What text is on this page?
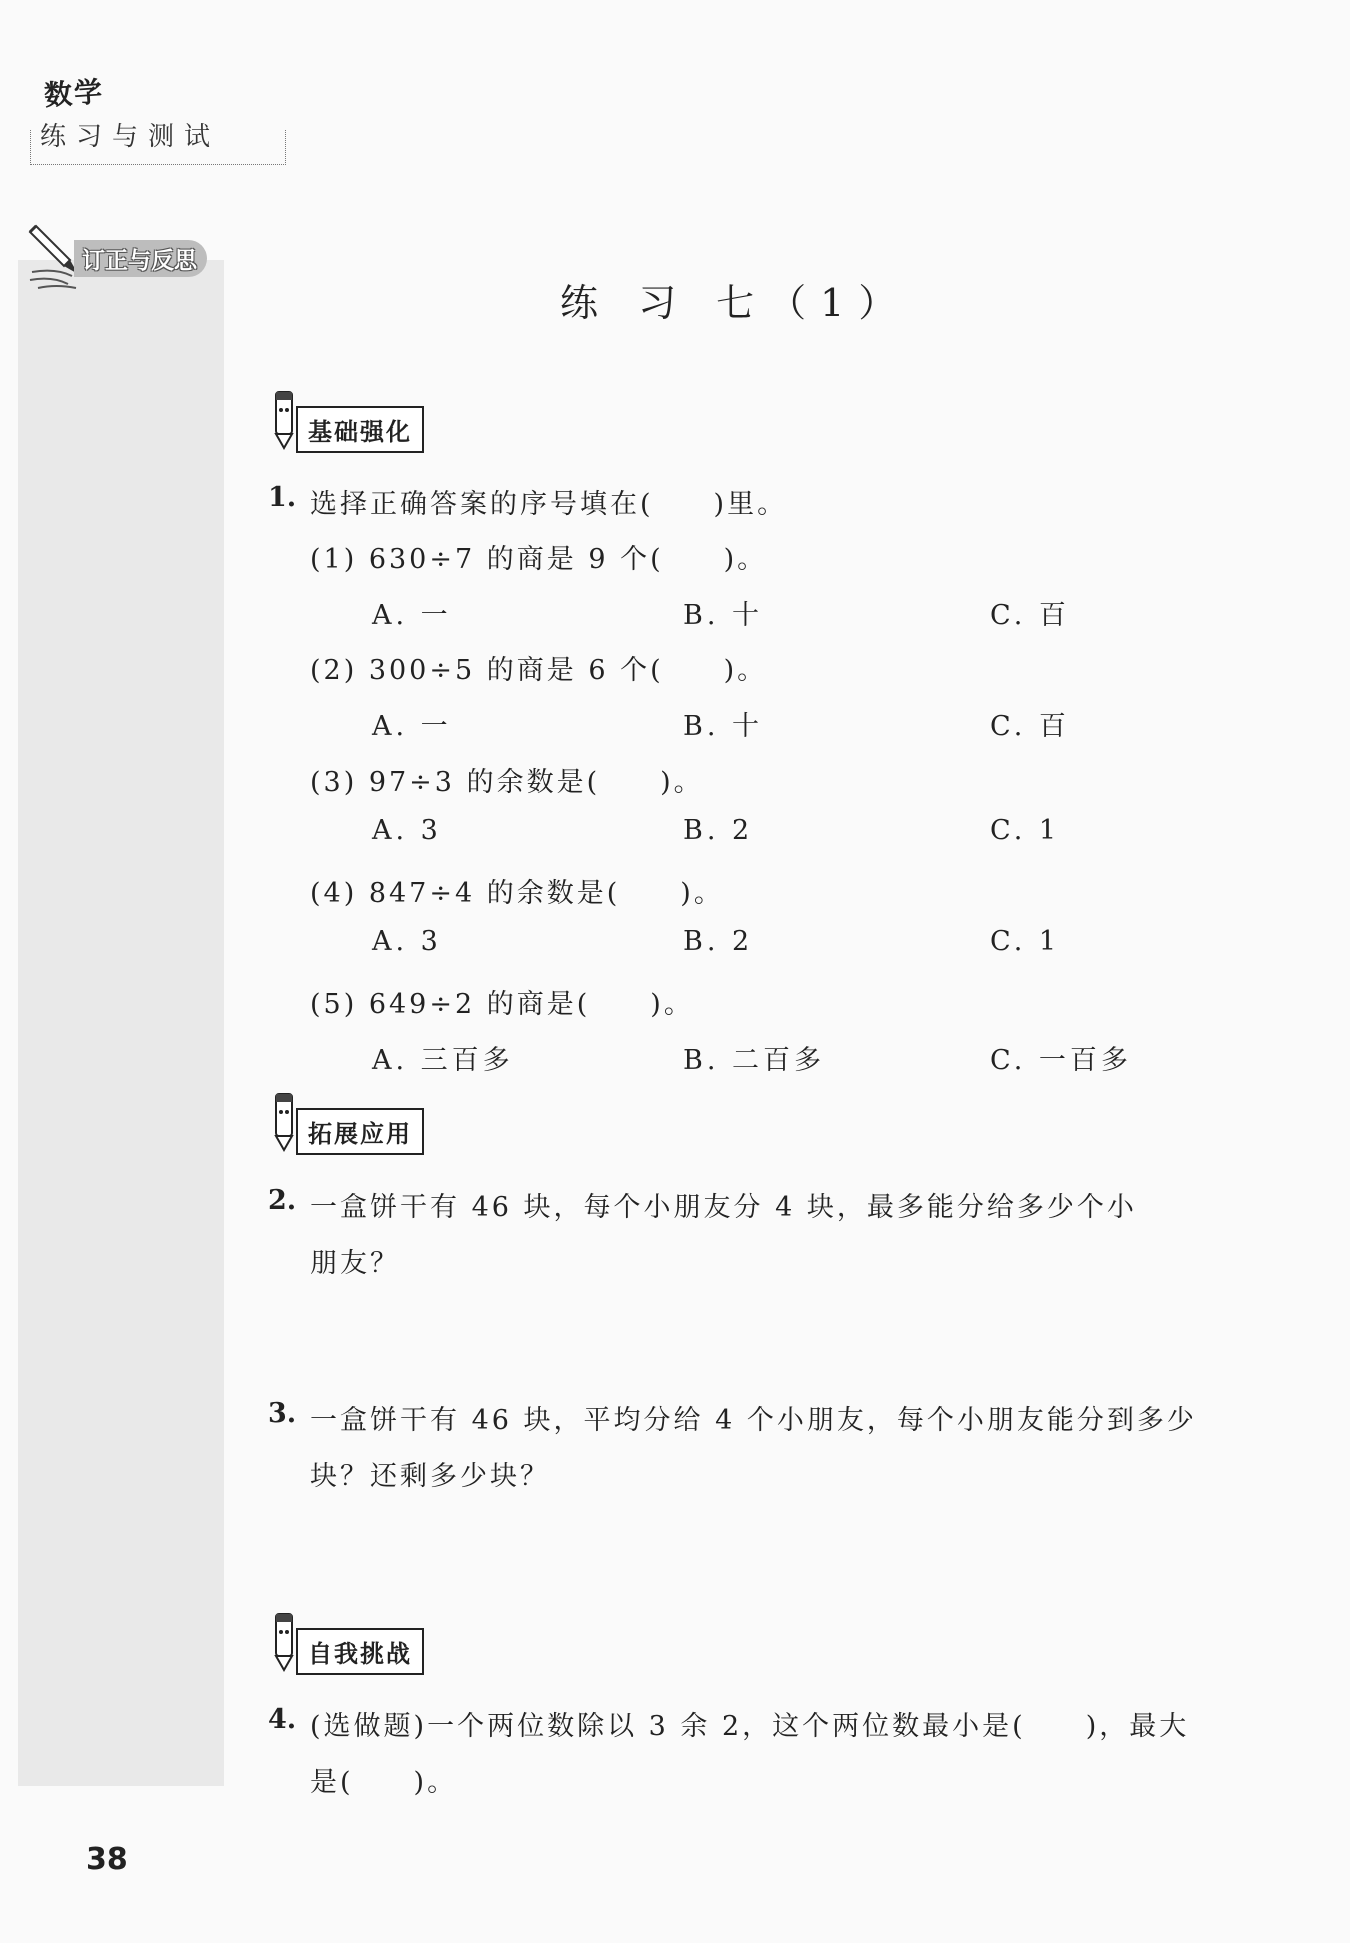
数学
练习与测试
订正与反思
练 习 七（1）
基础强化
1. 选择正确答案的序号填在(　　)里。
(1) 630÷7 的商是 9 个(　　)。
A. 一	B. 十	C. 百
(2) 300÷5 的商是 6 个(　　)。
A. 一	B. 十	C. 百
(3) 97÷3 的余数是(　　)。
A. 3	B. 2	C. 1
(4) 847÷4 的余数是(　　)。
A. 3	B. 2	C. 1
(5) 649÷2 的商是(　　)。
A. 三百多	B. 二百多	C. 一百多
拓展应用
2. 一盒饼干有 46 块，每个小朋友分 4 块，最多能分给多少个小
朋友？
3. 一盒饼干有 46 块，平均分给 4 个小朋友，每个小朋友能分到多少
块？还剩多少块？
自我挑战
4. (选做题)一个两位数除以 3 余 2，这个两位数最小是(　　)，最大
是(　　)。
38
